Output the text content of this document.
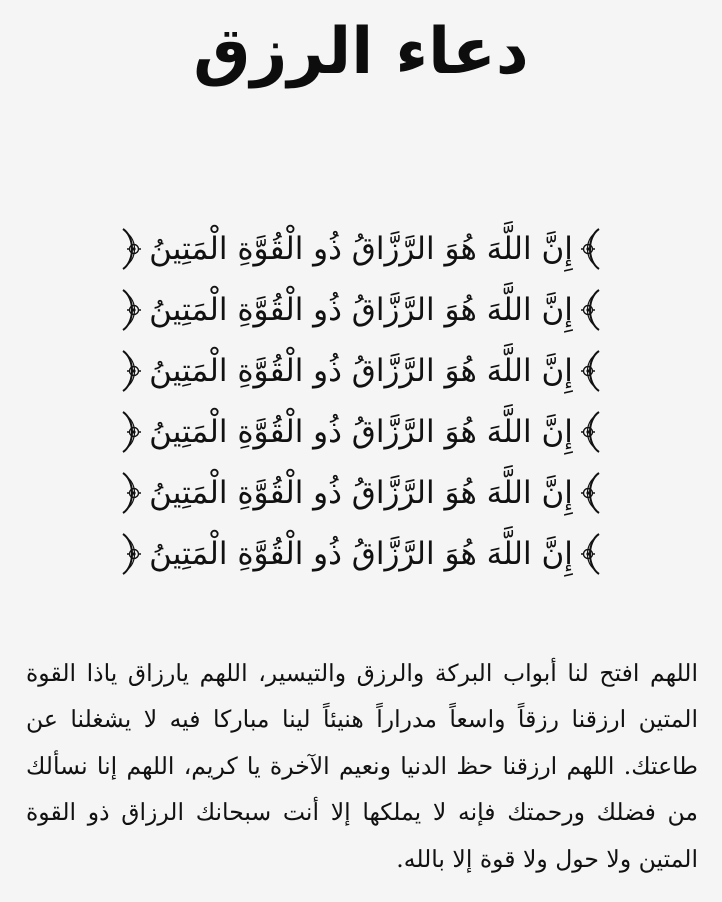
دعاء الرزق
إِنَّ اللَّهَ هُوَ الرَّزَّاقُ ذُو الْقُوَّةِ الْمَتِينُ
إِنَّ اللَّهَ هُوَ الرَّزَّاقُ ذُو الْقُوَّةِ الْمَتِينُ
إِنَّ اللَّهَ هُوَ الرَّزَّاقُ ذُو الْقُوَّةِ الْمَتِينُ
إِنَّ اللَّهَ هُوَ الرَّزَّاقُ ذُو الْقُوَّةِ الْمَتِينُ
إِنَّ اللَّهَ هُوَ الرَّزَّاقُ ذُو الْقُوَّةِ الْمَتِينُ
إِنَّ اللَّهَ هُوَ الرَّزَّاقُ ذُو الْقُوَّةِ الْمَتِينُ

اللهم افتح لنا أبواب البركة والرزق والتيسير، اللهم يارزاق ياذا القوة المتين ارزقنا رزقاً واسعاً مدراراً هنيئاً لينا مباركا فيه لا يشغلنا عن طاعتك. اللهم ارزقنا حظ الدنيا ونعيم الآخرة يا كريم، اللهم إنا نسألك من فضلك ورحمتك فإنه لا يملكها إلا أنت سبحانك الرزاق ذو القوة المتين ولا حول ولا قوة إلا بالله.
